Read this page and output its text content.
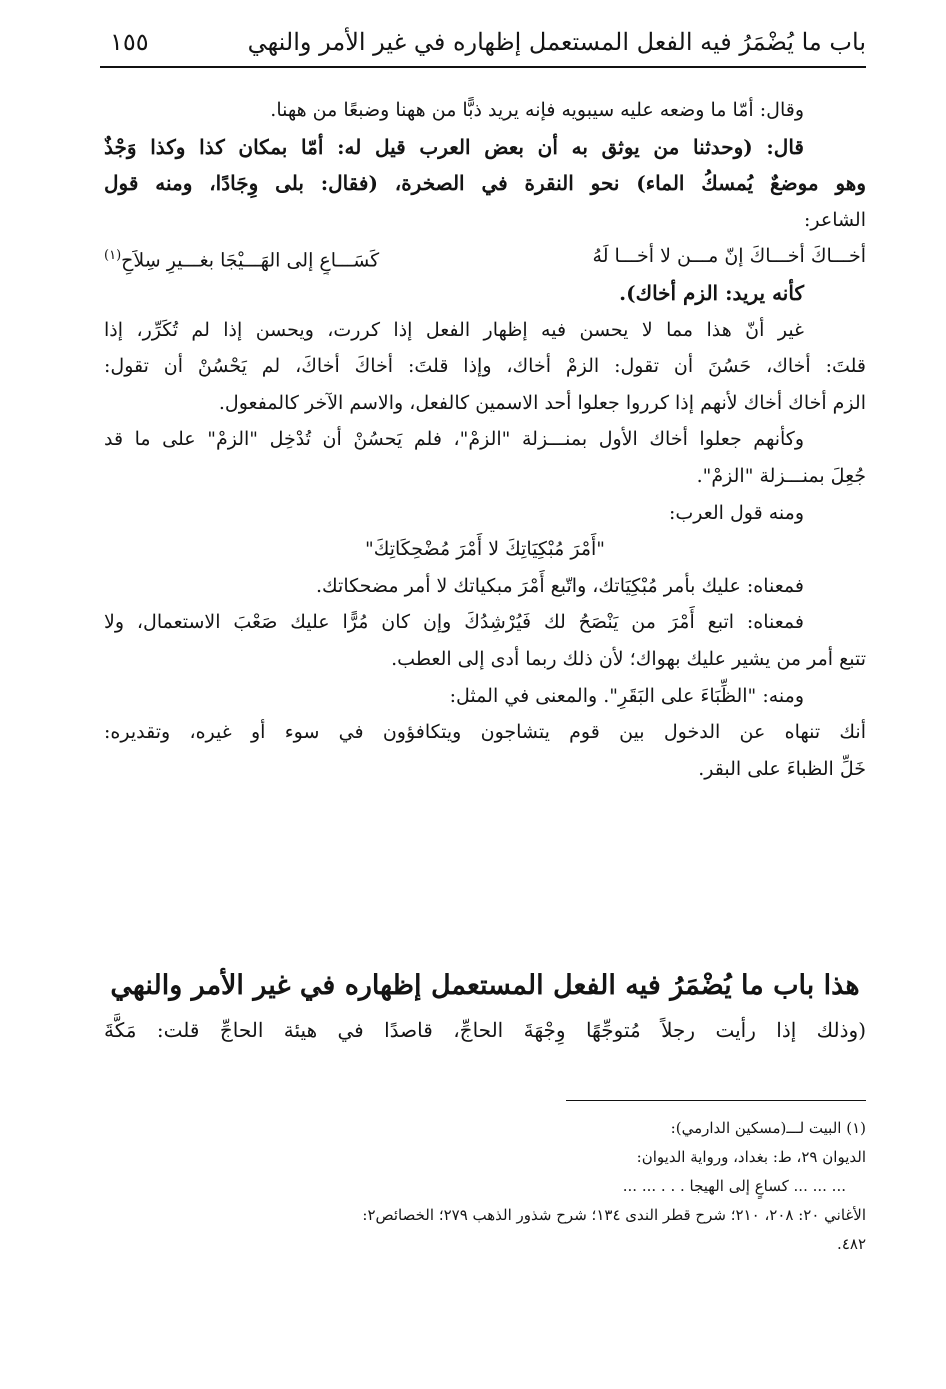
باب ما يُضْمَرُ فيه الفعل المستعمل إظهاره في غير الأمر والنهي
١٥٥
وقال: أمّا ما وضعه عليه سيبويه فإنه يريد ذبًّا من ههنا وضبعًا من ههنا.
قال: (وحدثنا من يوثق به أن بعض العرب قيل له: أمّا بمكان كذا وكذا وَجْذٌ
وهو موضعٌ يُمسكُ الماء) نحو النقرة في الصخرة، (فقال: بلى وِجَادًا، ومنه قول
الشاعر:
أخـــاكَ أخـــاكَ إنّ مـــن لا أخـــا لَهُ
كَسَـــاعٍ إلى الهَـــيْجَا بغـــيرِ سِلاَحِ$^{(١)}$
كأنه يريد: الزم أخاك).
غير أنّ هذا مما لا يحسن فيه إظهار الفعل إذا كررت، ويحسن إذا لم تُكَرِّر، إذا
قلتَ: أخاك، حَسُنَ أن تقول: الزمْ أخاك، وإذا قلتَ: أخاكَ أخاكَ، لم يَحْسُنْ أن تقول:
الزم أخاك أخاك لأنهم إذا كرروا جعلوا أحد الاسمين كالفعل، والاسم الآخر كالمفعول.
وكأنهم جعلوا أخاك الأول بمنـــزلة "الزمْ"، فلم يَحسُنْ أن تُدْخِل "الزمْ" على ما قد
جُعِلَ بمنـــزلة "الزمْ".
ومنه قول العرب:
"أَمْرَ مُبْكِيَاتِكَ لا أَمْرَ مُضْحِكَاتِكَ"
فمعناه: عليك بأمر مُبْكِيَاتك، واتّبع أَمْرَ مبكياتك لا أمر مضحكاتك.
فمعناه: اتبع أَمْرَ من يَنْصَحُ لك فَيُرْشِدُكَ وإن كان مُرًّا عليك صَعْبَ الاستعمال، ولا
تتبع أمر من يشير عليك بهواك؛ لأن ذلك ربما أدى إلى العطب.
ومنه: "الظِّبَاءَ على البَقَرِ". والمعنى في المثل:
أنك تنهاه عن الدخول بين قوم يتشاجون ويتكافؤون في سوء أو غيره، وتقديره:
خَلِّ الظباءَ على البقر.
هذا باب ما يُضْمَرُ فيه الفعل المستعمل إظهاره في غير الأمر والنهي
(وذلك إذا رأيت رجلاً مُتوجِّهًا وِجْهَةَ الحاجِّ، قاصدًا في هيئة الحاجِّ قلت: مَكَّةَ
(١) البيت لـــ(مسكين الدارمي):
الديوان ٢٩، ط: بغداد، ورواية الديوان:
... ... ... كساعٍ إلى الهيجا . . . ... ...
الأغاني ٢٠: ٢٠٨، ٢١٠؛ شرح قطر الندى ١٣٤؛ شرح شذور الذهب ٢٧٩؛ الخصائص٢:
٤٨٢.
